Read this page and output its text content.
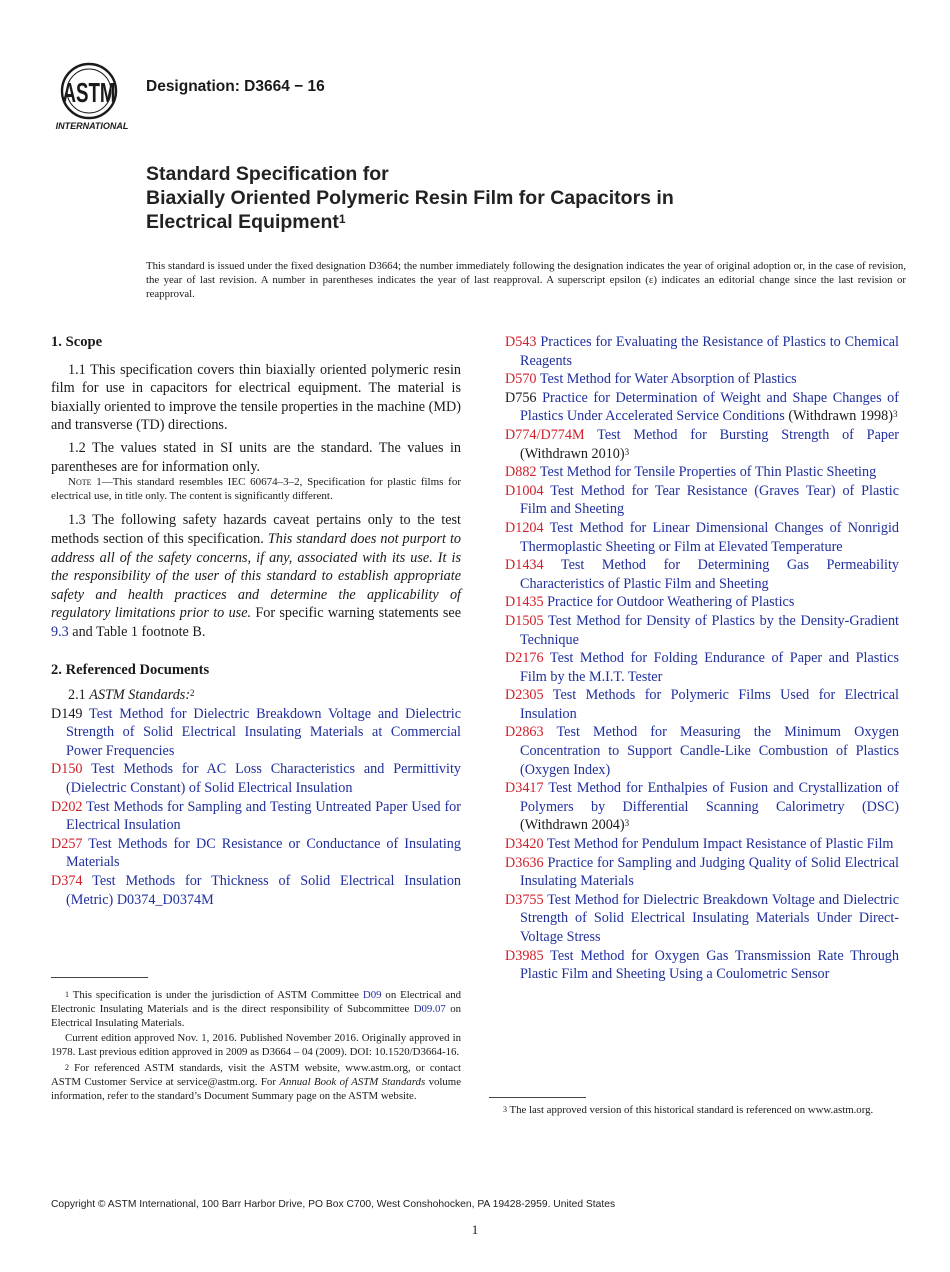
ASTM
INTERNATIONAL
Designation: D3664 − 16
Standard Specification for
Biaxially Oriented Polymeric Resin Film for Capacitors in
Electrical Equipment$^1$
This standard is issued under the fixed designation D3664; the number immediately following the designation indicates the year of original adoption or, in the case of revision, the year of last revision. A number in parentheses indicates the year of last reapproval. A superscript epsilon (ε) indicates an editorial change since the last revision or reapproval.
1. Scope

1.1 This specification covers thin biaxially oriented polymeric resin film for use in capacitors for electrical equipment. The material is biaxially oriented to improve the tensile properties in the machine (MD) and transverse (TD) directions.

1.2 The values stated in SI units are the standard. The values in parentheses are for information only.

Note 1—This standard resembles IEC 60674–3–2, Specification for plastic films for electrical use, in title only. The content is significantly different.

1.3 The following safety hazards caveat pertains only to the test methods section of this specification. This standard does not purport to address all of the safety concerns, if any, associated with its use. It is the responsibility of the user of this standard to establish appropriate safety and health practices and determine the applicability of regulatory limitations prior to use. For specific warning statements see 9.3 and Table 1 footnote B.

2. Referenced Documents

2.1 ASTM Standards:$^2$

D149 Test Method for Dielectric Breakdown Voltage and Dielectric Strength of Solid Electrical Insulating Materials at Commercial Power Frequencies

D150 Test Methods for AC Loss Characteristics and Permittivity (Dielectric Constant) of Solid Electrical Insulation

D202 Test Methods for Sampling and Testing Untreated Paper Used for Electrical Insulation

D257 Test Methods for DC Resistance or Conductance of Insulating Materials

D374 Test Methods for Thickness of Solid Electrical Insulation (Metric) D0374_D0374M

D543 Practices for Evaluating the Resistance of Plastics to Chemical Reagents

D570 Test Method for Water Absorption of Plastics

D756 Practice for Determination of Weight and Shape Changes of Plastics Under Accelerated Service Conditions (Withdrawn 1998)$^3$

D774/D774M Test Method for Bursting Strength of Paper (Withdrawn 2010)$^3$

D882 Test Method for Tensile Properties of Thin Plastic Sheeting

D1004 Test Method for Tear Resistance (Graves Tear) of Plastic Film and Sheeting

D1204 Test Method for Linear Dimensional Changes of Nonrigid Thermoplastic Sheeting or Film at Elevated Temperature

D1434 Test Method for Determining Gas Permeability Characteristics of Plastic Film and Sheeting

D1435 Practice for Outdoor Weathering of Plastics

D1505 Test Method for Density of Plastics by the Density-Gradient Technique

D2176 Test Method for Folding Endurance of Paper and Plastics Film by the M.I.T. Tester

D2305 Test Methods for Polymeric Films Used for Electrical Insulation

D2863 Test Method for Measuring the Minimum Oxygen Concentration to Support Candle-Like Combustion of Plastics (Oxygen Index)

D3417 Test Method for Enthalpies of Fusion and Crystallization of Polymers by Differential Scanning Calorimetry (DSC) (Withdrawn 2004)$^3$

D3420 Test Method for Pendulum Impact Resistance of Plastic Film

D3636 Practice for Sampling and Judging Quality of Solid Electrical Insulating Materials

D3755 Test Method for Dielectric Breakdown Voltage and Dielectric Strength of Solid Electrical Insulating Materials Under Direct-Voltage Stress

D3985 Test Method for Oxygen Gas Transmission Rate Through Plastic Film and Sheeting Using a Coulometric Sensor

$^1$ This specification is under the jurisdiction of ASTM Committee D09 on Electrical and Electronic Insulating Materials and is the direct responsibility of Subcommittee D09.07 on Electrical Insulating Materials.

Current edition approved Nov. 1, 2016. Published November 2016. Originally approved in 1978. Last previous edition approved in 2009 as D3664 – 04 (2009). DOI: 10.1520/D3664-16.

$^2$ For referenced ASTM standards, visit the ASTM website, www.astm.org, or contact ASTM Customer Service at service@astm.org. For Annual Book of ASTM Standards volume information, refer to the standard’s Document Summary page on the ASTM website.

$^3$ The last approved version of this historical standard is referenced on www.astm.org.

Copyright © ASTM International, 100 Barr Harbor Drive, PO Box C700, West Conshohocken, PA 19428-2959. United States
1
